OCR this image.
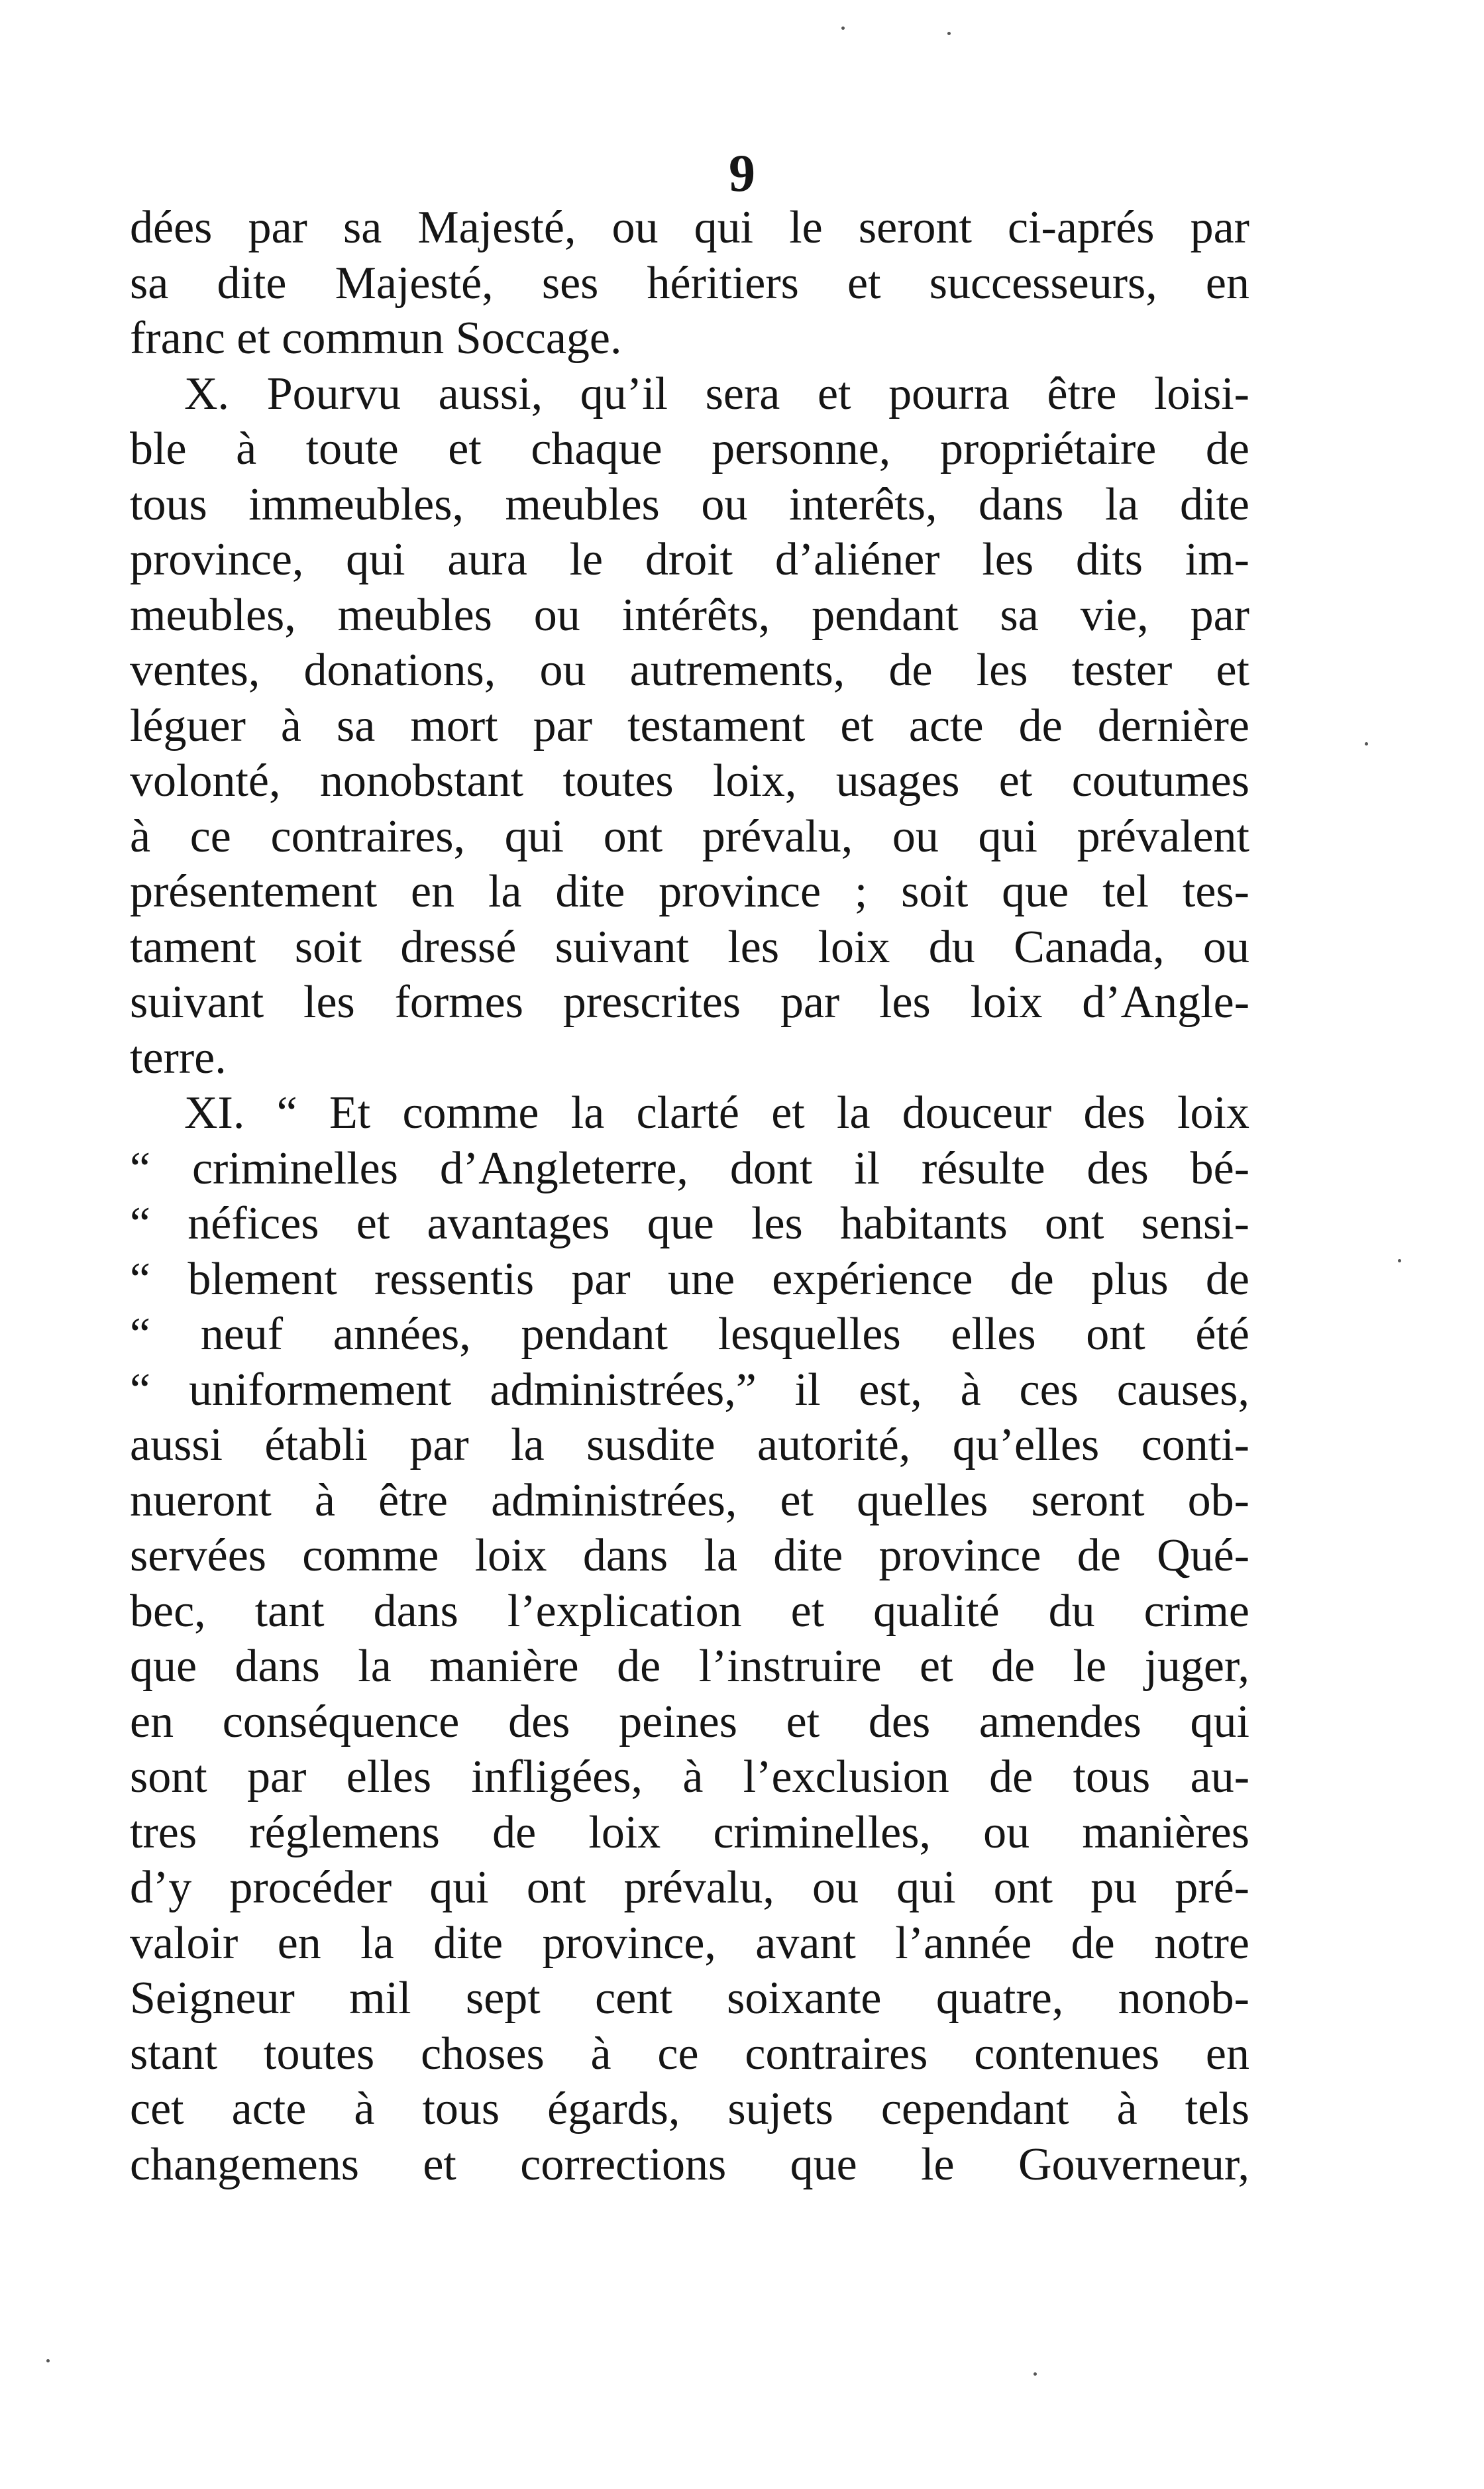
9
dées par sa Majesté, ou qui le seront ci-aprés par
sa dite Majesté, ses héritiers et successeurs, en
franc et commun Soccage.
X. Pourvu aussi, qu’il sera et pourra être loisi-
ble à toute et chaque personne, propriétaire de
tous immeubles, meubles ou interêts, dans la dite
province, qui aura le droit d’aliéner les dits im-
meubles, meubles ou intérêts, pendant sa vie, par
ventes, donations, ou autrements, de les tester et
léguer à sa mort par testament et acte de dernière
volonté, nonobstant toutes loix, usages et coutumes
à ce contraires, qui ont prévalu, ou qui prévalent
présentement en la dite province ; soit que tel tes-
tament soit dressé suivant les loix du Canada, ou
suivant les formes prescrites par les loix d’Angle-
terre.
XI. “ Et comme la clarté et la douceur des loix
“ criminelles d’Angleterre, dont il résulte des bé-
“ néfices et avantages que les habitants ont sensi-
“ blement ressentis par une expérience de plus de
“ neuf années, pendant lesquelles elles ont été
“ uniformement administrées,” il est, à ces causes,
aussi établi par la susdite autorité, qu’elles conti-
nueront à être administrées, et quelles seront ob-
servées comme loix dans la dite province de Qué-
bec, tant dans l’explication et qualité du crime
que dans la manière de l’instruire et de le juger,
en conséquence des peines et des amendes qui
sont par elles infligées, à l’exclusion de tous au-
tres réglemens de loix criminelles, ou manières
d’y procéder qui ont prévalu, ou qui ont pu pré-
valoir en la dite province, avant l’année de notre
Seigneur mil sept cent soixante quatre, nonob-
stant toutes choses à ce contraires contenues en
cet acte à tous égards, sujets cependant à tels
changemens et corrections que le Gouverneur,
